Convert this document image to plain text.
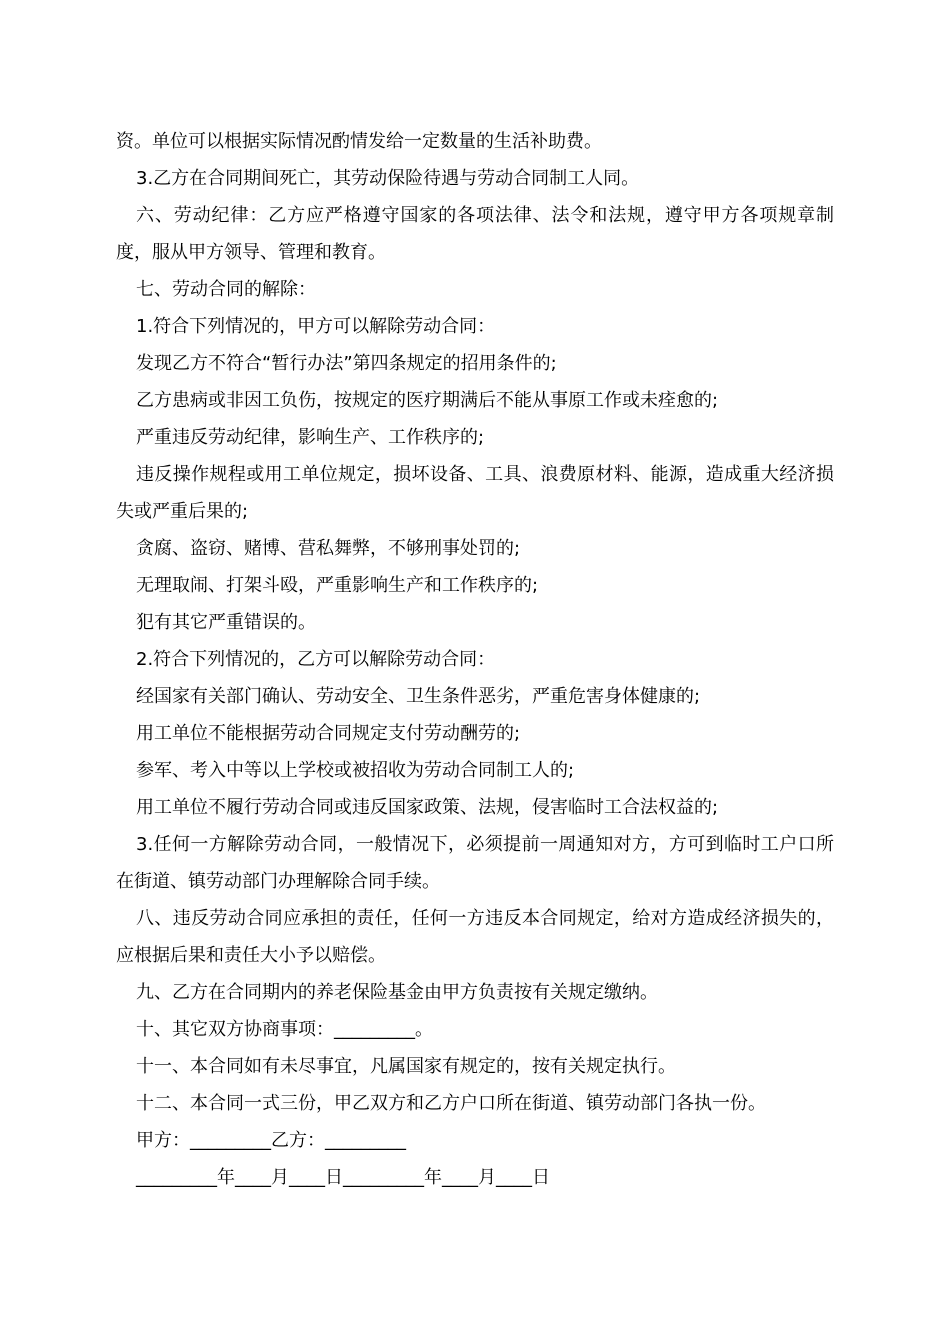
资。单位可以根据实际情况酌情发给一定数量的生活补助费。

3.乙方在合同期间死亡，其劳动保险待遇与劳动合同制工人同。

六、劳动纪律：乙方应严格遵守国家的各项法律、法令和法规，遵守甲方各项规章制度，服从甲方领导、管理和教育。

七、劳动合同的解除：

1.符合下列情况的，甲方可以解除劳动合同：

发现乙方不符合“暂行办法”第四条规定的招用条件的;

乙方患病或非因工负伤，按规定的医疗期满后不能从事原工作或未痊愈的;

严重违反劳动纪律，影响生产、工作秩序的;

违反操作规程或用工单位规定，损坏设备、工具、浪费原材料、能源，造成重大经济损失或严重后果的;

贪腐、盗窃、赌博、营私舞弊，不够刑事处罚的;

无理取闹、打架斗殴，严重影响生产和工作秩序的;

犯有其它严重错误的。

2.符合下列情况的，乙方可以解除劳动合同：

经国家有关部门确认、劳动安全、卫生条件恶劣，严重危害身体健康的;

用工单位不能根据劳动合同规定支付劳动酬劳的;

参军、考入中等以上学校或被招收为劳动合同制工人的;

用工单位不履行劳动合同或违反国家政策、法规，侵害临时工合法权益的;

3.任何一方解除劳动合同，一般情况下，必须提前一周通知对方，方可到临时工户口所在街道、镇劳动部门办理解除合同手续。

八、违反劳动合同应承担的责任，任何一方违反本合同规定，给对方造成经济损失的，应根据后果和责任大小予以赔偿。

九、乙方在合同期内的养老保险基金由甲方负责按有关规定缴纳。

十、其它双方协商事项：_________。

十一、本合同如有未尽事宜，凡属国家有规定的，按有关规定执行。

十二、本合同一式三份，甲乙双方和乙方户口所在街道、镇劳动部门各执一份。

甲方：_________乙方：_________

_________年____月____日_________年____月____日
